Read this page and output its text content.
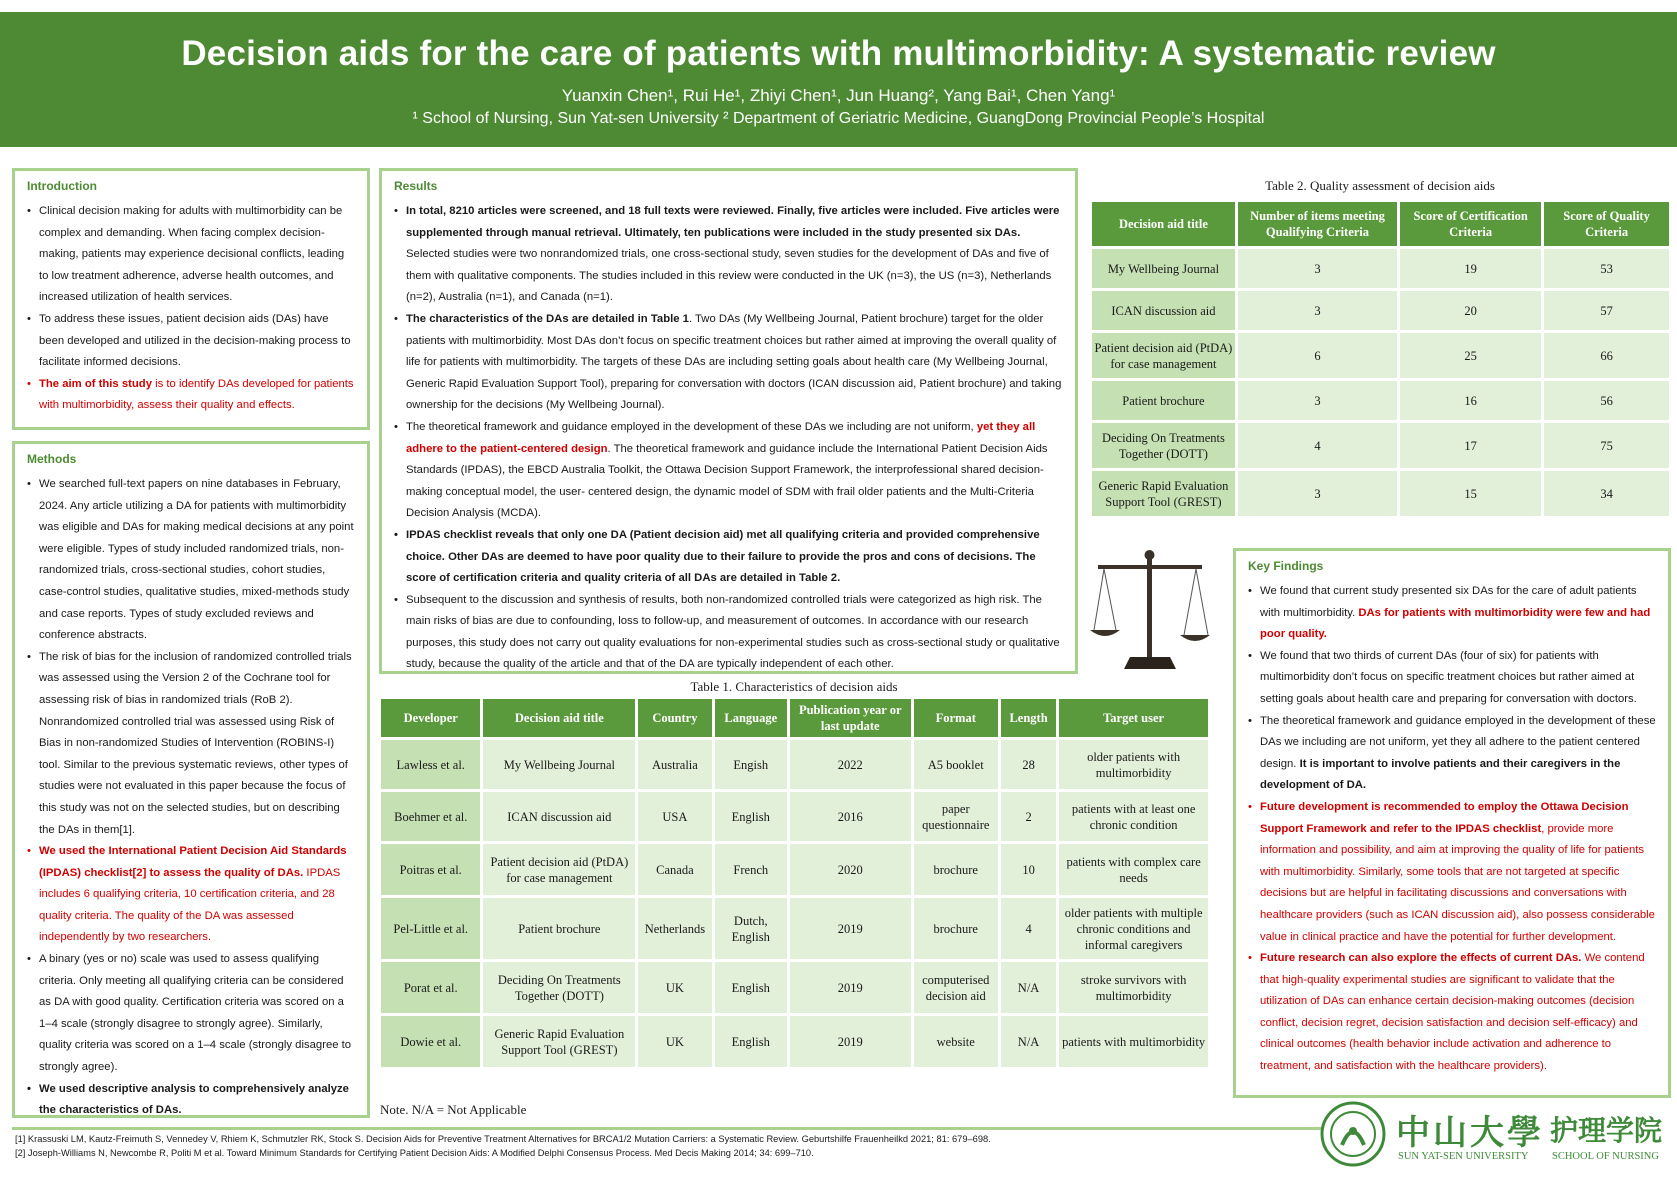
Decision aids for the care of patients with multimorbidity: A systematic review
Yuanxin Chen¹, Rui He¹, Zhiyi Chen¹, Jun Huang², Yang Bai¹, Chen Yang¹
¹ School of Nursing, Sun Yat-sen University ² Department of Geriatric Medicine, GuangDong Provincial People’s Hospital
Introduction
• Clinical decision making for adults with multimorbidity can be complex and demanding. When facing complex decision-making, patients may experience decisional conflicts, leading to low treatment adherence, adverse health outcomes, and increased utilization of health services.
• To address these issues, patient decision aids (DAs) have been developed and utilized in the decision-making process to facilitate informed decisions.
• The aim of this study is to identify DAs developed for patients with multimorbidity, assess their quality and effects.
Methods
• We searched full-text papers on nine databases in February, 2024. Any article utilizing a DA for patients with multimorbidity was eligible and DAs for making medical decisions at any point were eligible. Types of study included randomized trials, non-randomized trials, cross-sectional studies, cohort studies, case-control studies, qualitative studies, mixed-methods study and case reports. Types of study excluded reviews and conference abstracts.
• The risk of bias for the inclusion of randomized controlled trials was assessed using the Version 2 of the Cochrane tool for assessing risk of bias in randomized trials (RoB 2). Nonrandomized controlled trial was assessed using Risk of Bias in non-randomized Studies of Intervention (ROBINS-I) tool. Similar to the previous systematic reviews, other types of studies were not evaluated in this paper because the focus of this study was not on the selected studies, but on describing the DAs in them[1].
• We used the International Patient Decision Aid Standards (IPDAS) checklist[2] to assess the quality of DAs. IPDAS includes 6 qualifying criteria, 10 certification criteria, and 28 quality criteria. The quality of the DA was assessed independently by two researchers.
• A binary (yes or no) scale was used to assess qualifying criteria. Only meeting all qualifying criteria can be considered as DA with good quality. Certification criteria was scored on a 1–4 scale (strongly disagree to strongly agree). Similarly, quality criteria was scored on a 1–4 scale (strongly disagree to strongly agree).
• We used descriptive analysis to comprehensively analyze the characteristics of DAs.
Results
• In total, 8210 articles were screened, and 18 full texts were reviewed. Finally, five articles were included. Five articles were supplemented through manual retrieval. Ultimately, ten publications were included in the study presented six DAs. Selected studies were two nonrandomized trials, one cross-sectional study, seven studies for the development of DAs and five of them with qualitative components. The studies included in this review were conducted in the UK (n=3), the US (n=3), Netherlands (n=2), Australia (n=1), and Canada (n=1).
• The characteristics of the DAs are detailed in Table 1. Two DAs (My Wellbeing Journal, Patient brochure) target for the older patients with multimorbidity. Most DAs don’t focus on specific treatment choices but rather aimed at improving the overall quality of life for patients with multimorbidity. The targets of these DAs are including setting goals about health care (My Wellbeing Journal, Generic Rapid Evaluation Support Tool), preparing for conversation with doctors (ICAN discussion aid, Patient brochure) and taking ownership for the decisions (My Wellbeing Journal).
• The theoretical framework and guidance employed in the development of these DAs we including are not uniform, yet they all adhere to the patient-centered design. The theoretical framework and guidance include the International Patient Decision Aids Standards (IPDAS), the EBCD Australia Toolkit, the Ottawa Decision Support Framework, the interprofessional shared decision-making conceptual model, the user- centered design, the dynamic model of SDM with frail older patients and the Multi-Criteria Decision Analysis (MCDA).
• IPDAS checklist reveals that only one DA (Patient decision aid) met all qualifying criteria and provided comprehensive choice. Other DAs are deemed to have poor quality due to their failure to provide the pros and cons of decisions. The score of certification criteria and quality criteria of all DAs are detailed in Table 2.
• Subsequent to the discussion and synthesis of results, both non-randomized controlled trials were categorized as high risk. The main risks of bias are due to confounding, loss to follow-up, and measurement of outcomes. In accordance with our research purposes, this study does not carry out quality evaluations for non-experimental studies such as cross-sectional study or qualitative study, because the quality of the article and that of the DA are typically independent of each other.
Table 1. Characteristics of decision aids
Developer	Decision aid title	Country	Language	Publication year or last update	Format	Length	Target user
Lawless et al.	My Wellbeing Journal	Australia	Engish	2022	A5 booklet	28	older patients with multimorbidity
Boehmer et al.	ICAN discussion aid	USA	English	2016	paper questionnaire	2	patients with at least one chronic condition
Poitras et al.	Patient decision aid (PtDA) for case management	Canada	French	2020	brochure	10	patients with complex care needs
Pel-Little et al.	Patient brochure	Netherlands	Dutch, English	2019	brochure	4	older patients with multiple chronic conditions and informal caregivers
Porat et al.	Deciding On Treatments Together (DOTT)	UK	English	2019	computerised decision aid	N/A	stroke survivors with multimorbidity
Dowie et al.	Generic Rapid Evaluation Support Tool (GREST)	UK	English	2019	website	N/A	patients with multimorbidity
Note. N/A = Not Applicable
Table 2. Quality assessment of decision aids
Decision aid title	Number of items meeting Qualifying Criteria	Score of Certification Criteria	Score of Quality Criteria
My Wellbeing Journal	3	19	53
ICAN discussion aid	3	20	57
Patient decision aid (PtDA) for case management	6	25	66
Patient brochure	3	16	56
Deciding On Treatments Together (DOTT)	4	17	75
Generic Rapid Evaluation Support Tool (GREST)	3	15	34
Key Findings
• We found that current study presented six DAs for the care of adult patients with multimorbidity. DAs for patients with multimorbidity were few and had poor quality.
• We found that two thirds of current DAs (four of six) for patients with multimorbidity don’t focus on specific treatment choices but rather aimed at setting goals about health care and preparing for conversation with doctors.
• The theoretical framework and guidance employed in the development of these DAs we including are not uniform, yet they all adhere to the patient centered design. It is important to involve patients and their caregivers in the development of DA.
• Future development is recommended to employ the Ottawa Decision Support Framework and refer to the IPDAS checklist, provide more information and possibility, and aim at improving the quality of life for patients with multimorbidity. Similarly, some tools that are not targeted at specific decisions but are helpful in facilitating discussions and conversations with healthcare providers (such as ICAN discussion aid), also possess considerable value in clinical practice and have the potential for further development.
• Future research can also explore the effects of current DAs. We contend that high-quality experimental studies are significant to validate that the utilization of DAs can enhance certain decision-making outcomes (decision conflict, decision regret, decision satisfaction and decision self-efficacy) and clinical outcomes (health behavior include activation and adherence to treatment, and satisfaction with the healthcare providers).
[1] Krassuski LM, Kautz-Freimuth S, Vennedey V, Rhiem K, Schmutzler RK, Stock S. Decision Aids for Preventive Treatment Alternatives for BRCA1/2 Mutation Carriers: a Systematic Review. Geburtshilfe Frauenheilkd 2021; 81: 679–698.
[2] Joseph-Williams N, Newcombe R, Politi M et al. Toward Minimum Standards for Certifying Patient Decision Aids: A Modified Delphi Consensus Process. Med Decis Making 2014; 34: 699–710.	中山大學 护理学院
SUN YAT-SEN UNIVERSITY SCHOOL OF NURSING
